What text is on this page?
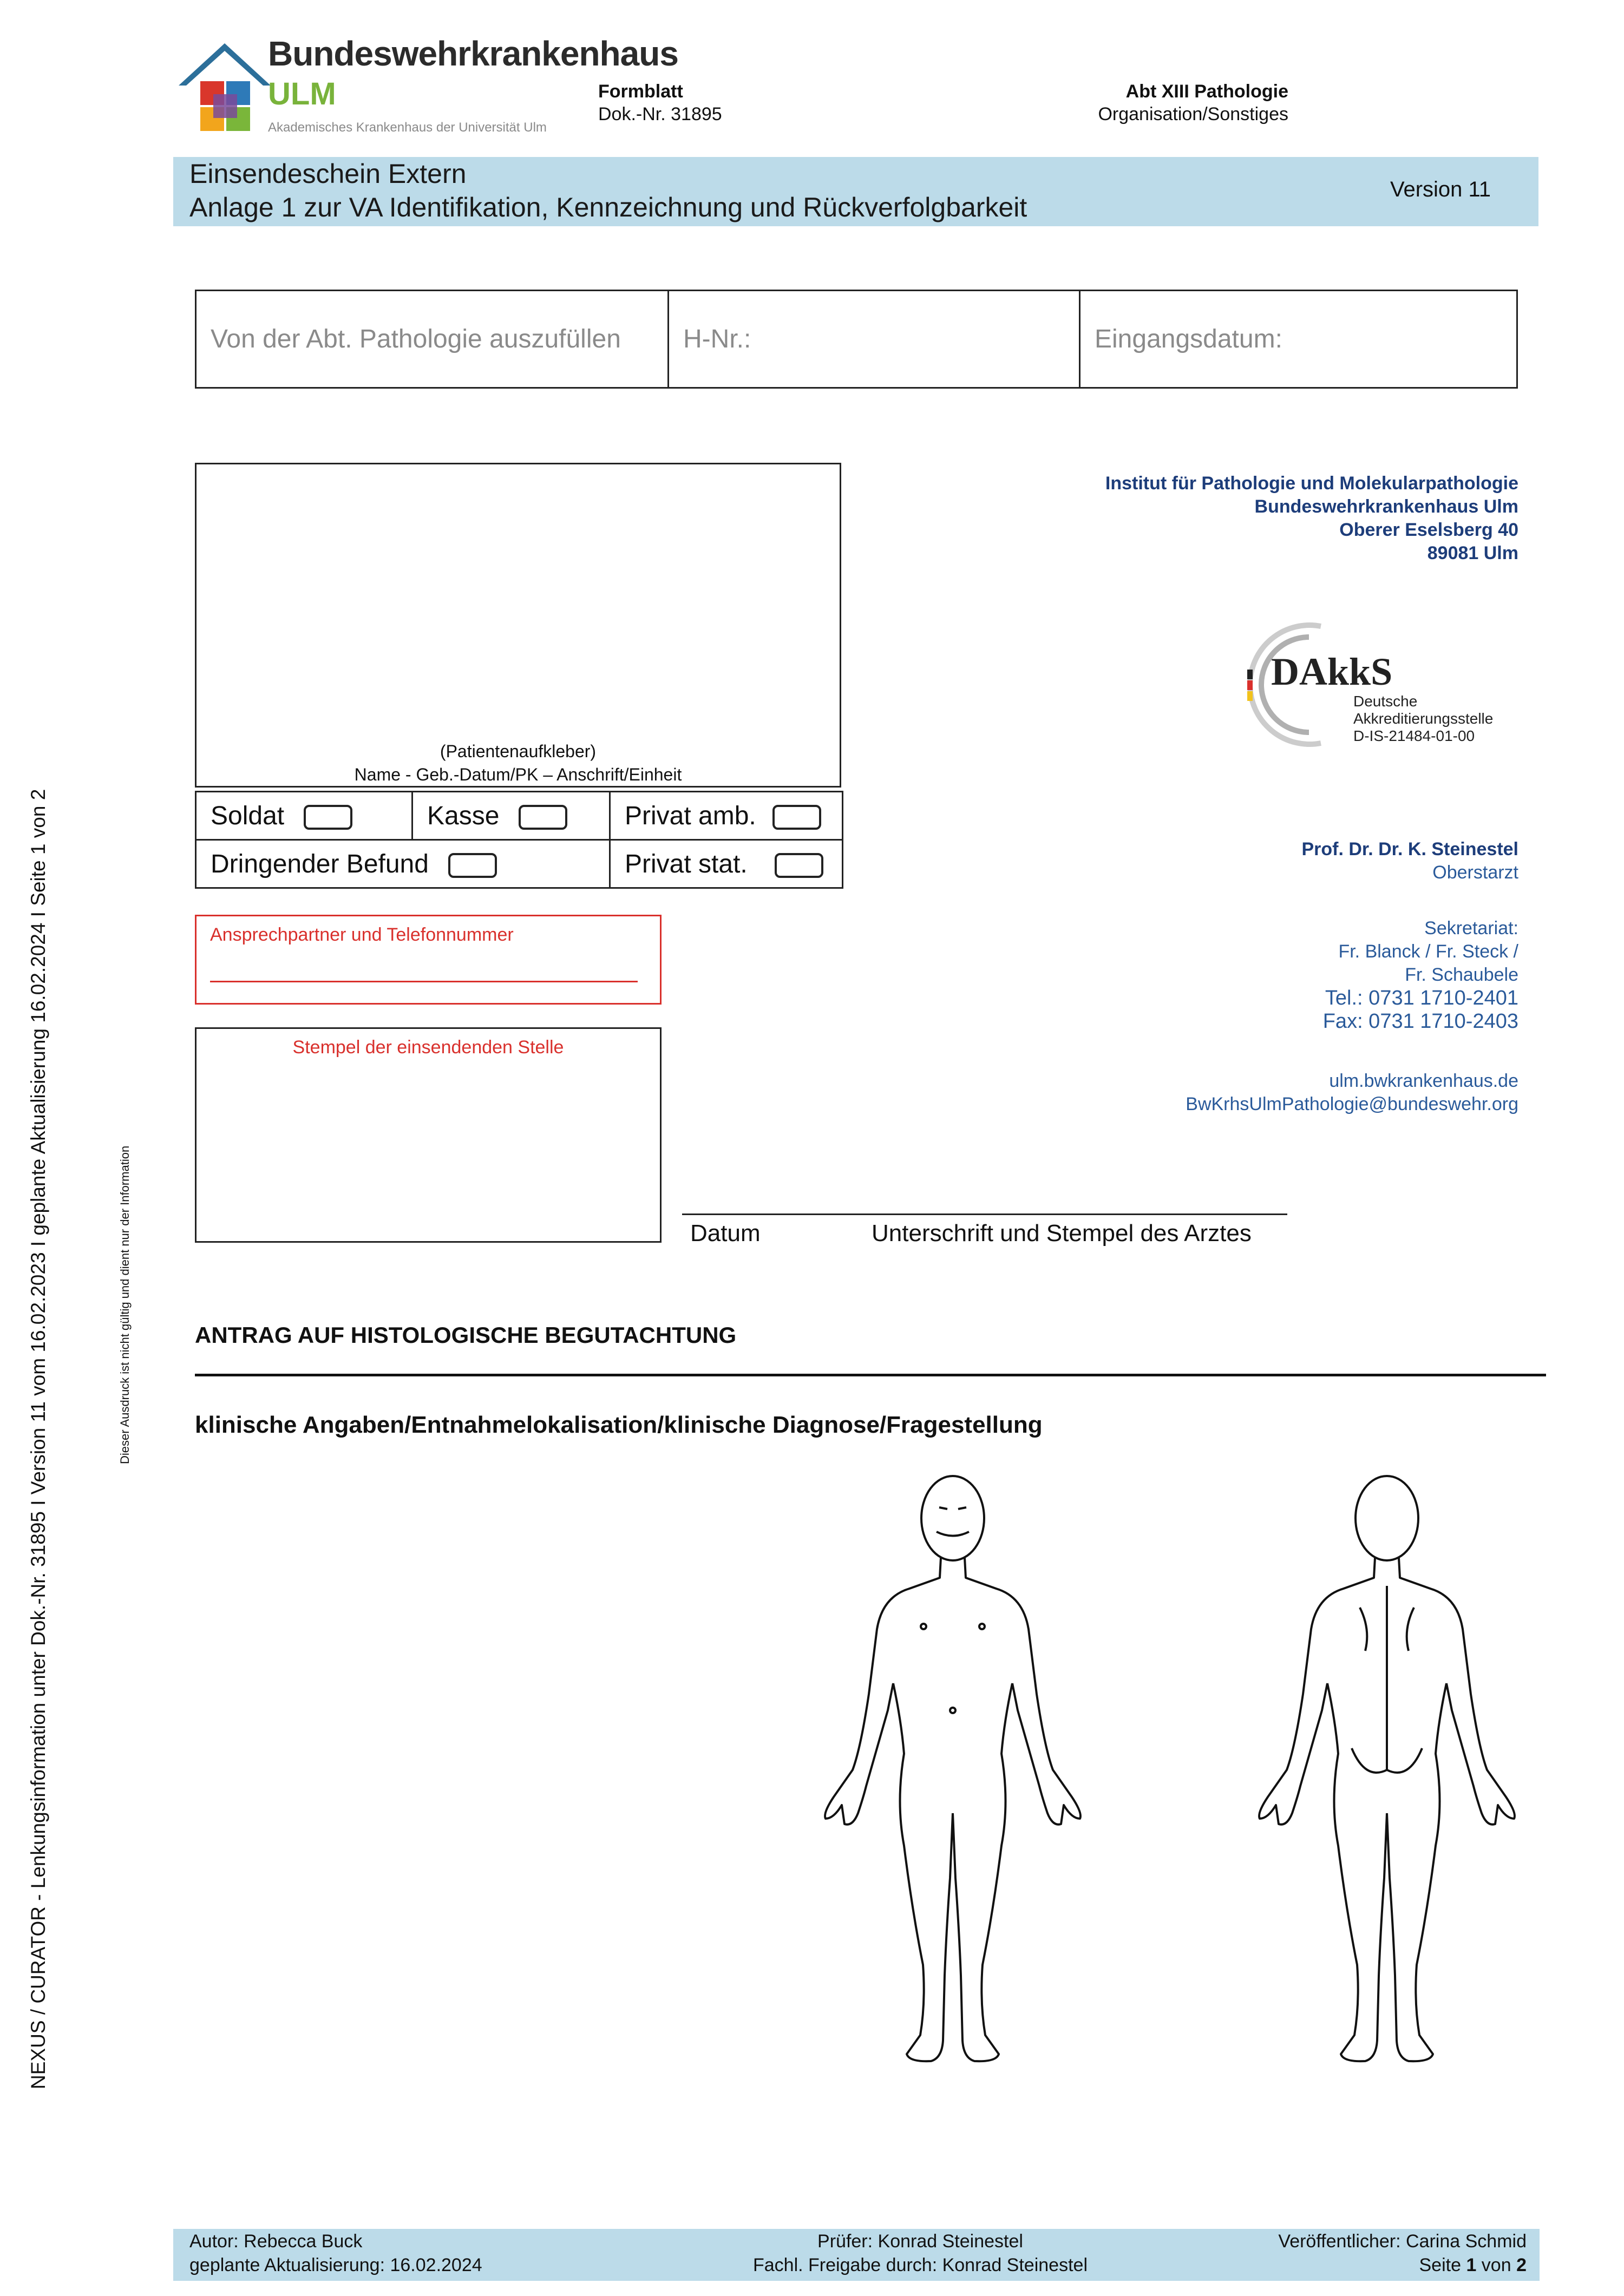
Bundeswehrkrankenhaus
ULM
Akademisches Krankenhaus der Universität Ulm
Formblatt
Dok.-Nr. 31895
Abt XIII Pathologie
Organisation/Sonstiges
Einsendeschein Extern
Anlage 1 zur VA Identifikation, Kennzeichnung und Rückverfolgbarkeit
Version 11
Von der Abt. Pathologie auszufüllen	H-Nr.:	Eingangsdatum:
(Patientenaufkleber)
Name - Geb.-Datum/PK – Anschrift/Einheit
Soldat	Kasse	Privat amb.
Dringender Befund		Privat stat.
Ansprechpartner und Telefonnummer
Stempel der einsendenden Stelle
Datum	Unterschrift und Stempel des Arztes
Institut für Pathologie und Molekularpathologie
Bundeswehrkrankenhaus Ulm
Oberer Eselsberg 40
89081 Ulm
DAkkS
Deutsche
Akkreditierungsstelle
D-IS-21484-01-00
Prof. Dr. Dr. K. Steinestel
Oberstarzt
Sekretariat:
Fr. Blanck / Fr. Steck /
Fr. Schaubele
Tel.: 0731 1710-2401
Fax: 0731 1710-2403
ulm.bwkrankenhaus.de
BwKrhsUlmPathologie@bundeswehr.org
ANTRAG AUF HISTOLOGISCHE BEGUTACHTUNG
klinische Angaben/Entnahmelokalisation/klinische Diagnose/Fragestellung
NEXUS / CURATOR - Lenkungsinformation unter Dok.-Nr. 31895 I Version 11 vom 16.02.2023 I geplante Aktualisierung 16.02.2024 I Seite 1 von 2	Dieser Ausdruck ist nicht gültig und dient nur der Information
Autor: Rebecca Buck
geplante Aktualisierung: 16.02.2024
Prüfer: Konrad Steinestel
Fachl. Freigabe durch: Konrad Steinestel
Veröffentlicher: Carina Schmid
Seite 1 von 2
